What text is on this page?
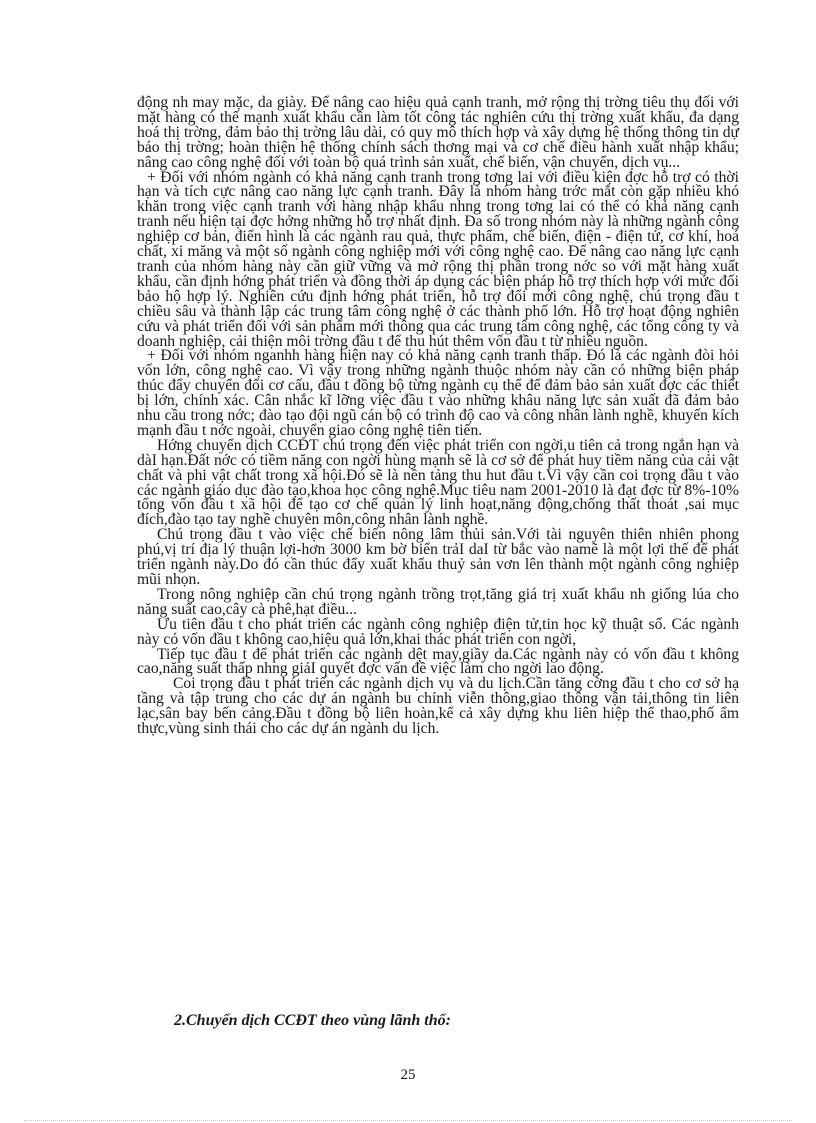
động nh may mặc, da giày. Để nâng cao hiệu quả cạnh tranh, mở rộng thị trờng tiêu thụ đối với mặt hàng có thế mạnh xuất khẩu cần làm tốt công tác nghiên cứu thị trờng xuất khẩu, đa dạng hoá thị trờng, đảm bảo thị trờng lâu dài, có quy mô thích hợp và xây dựng hệ thống thông tin dự báo thị trờng; hoàn thiện hệ thống chính sách thơng mại và cơ chế điều hành xuất nhập khẩu; nâng cao công nghệ đối với toàn bộ quá trình sản xuất, chế biến, vận chuyển, dịch vụ...

+ Đối với nhóm ngành có khả năng cạnh tranh trong tơng lai với điều kiện đợc hỗ trợ có thời hạn và tích cực nâng cao năng lực cạnh tranh. Đây là nhóm hàng trớc mắt còn gặp nhiều khó khăn trong việc cạnh tranh với hàng nhập khẩu nhng trong tơng lai có thể có khả năng cạnh tranh nếu hiện tại đợc hởng những hỗ trợ nhất định. Đa số trong nhóm này là những ngành công nghiệp cơ bản, điển hình là các ngành rau quả, thực phẩm, chế biến, điện - điện tử, cơ khí, hoá chất, xi măng và một số ngành công nghiệp mới với công nghệ cao. Để nâng cao năng lực cạnh tranh của nhóm hàng này cần giữ vững và mở rộng thị phần trong nớc so với mặt hàng xuất khẩu, cần định hớng phát triển và đồng thời áp dụng các biện pháp hỗ trợ thích hợp với mức đối bảo hộ hợp lý. Nghiên cứu định hớng phát triển, hỗ trợ đổi mới công nghệ, chú trọng đầu t chiều sâu và thành lập các trung tâm công nghệ ở các thành phố lớn. Hỗ trợ hoạt động nghiên cứu và phát triển đối với sản phẩm mới thông qua các trung tâm công nghệ, các tổng công ty và doanh nghiệp, cải thiện môi trờng đầu t để thu hút thêm vốn đầu t từ nhiều nguồn.

+ Đối với nhóm nganhh hàng hiện nay có khả năng cạnh tranh thấp. Đó là các ngành đòi hỏi vốn lớn, công nghệ cao. Vì vậy trong những ngành thuộc nhóm này cần có những biện pháp thúc đẩy chuyển đổi cơ cấu, đầu t đồng bộ từng ngành cụ thể để đảm bảo sản xuất đợc các thiết bị lớn, chính xác. Cân nhắc kĩ lỡng việc đầu t vào những khâu năng lực sản xuất đã đảm bảo nhu cầu trong nớc; đào tạo đội ngũ cán bộ có trình độ cao và công nhân lành nghề, khuyến kích mạnh đầu t nớc ngoài, chuyển giao công nghệ tiên tiến.

Hớng chuyển dịch CCĐT chú trọng đến việc phát triển con ngời,u tiên cả trong ngắn hạn và dàI hạn.Đất nớc có tiềm năng con ngời hùng mạnh sẽ là cơ sở để phát huy tiềm năng của cải vật chất và phi vật chất trong xã hội.Đó sẽ là nền tảng thu hut đầu t.Vì vậy cần coi trọng đầu t vào các ngành giáo dục đào tạo,khoa học công nghệ.Mục tiêu nam 2001-2010 là đạt đợc từ 8%-10% tổng vốn đầu t xã hội để tạo cơ chế quản lý linh hoạt,năng động,chống thất thoát ,sai mục đích,đào tạo tay nghề chuyên môn,công nhân lành nghề.

Chú trọng đầu t vào việc chế biến nông lâm thủi sản.Với tài nguyên thiên nhiên phong phú,vị trí địa lý thuận lợi-hơn 3000 km bờ biển trảI daI từ bắc vào namẽ là một lợi thế để phát triển ngành này.Do đó cần thúc đẩy xuất khẩu thuỷ sản vơn lên thành một ngành công nghiệp mũi nhọn.

Trong nông nghiệp cần chú trọng ngành trồng trọt,tăng giá trị xuất khẩu nh giống lúa cho năng suất cao,cây cà phê,hạt điều...

Ưu tiên đầu t cho phát triển các ngành công nghiệp điện tử,tin học kỹ thuật số. Các ngành này có vốn đầu t không cao,hiệu quả lớn,khai thác phát triển con ngời,

Tiếp tục đầu t để phát triển các ngành dệt may,giầy da.Các ngành này có vốn đầu t không cao,năng suất thấp nhng giảI quyết đợc vấn đề việc làm cho ngời lao động.

Coi trọng đầu t phát triển các ngành dịch vụ và du lịch.Cần tăng cờng đầu t cho cơ sở hạ tầng và tập trung cho các dự án ngành bu chính viễn thông,giao thông vận tải,thông tin liên lạc,sân bay bến cảng.Đầu t đồng bộ liên hoàn,kể cả xây dựng khu liên hiệp thể thao,phố ẩm thực,vùng sinh thái cho các dự án ngành du lịch.

2.Chuyển dịch CCĐT theo vùng lãnh thổ:

25
